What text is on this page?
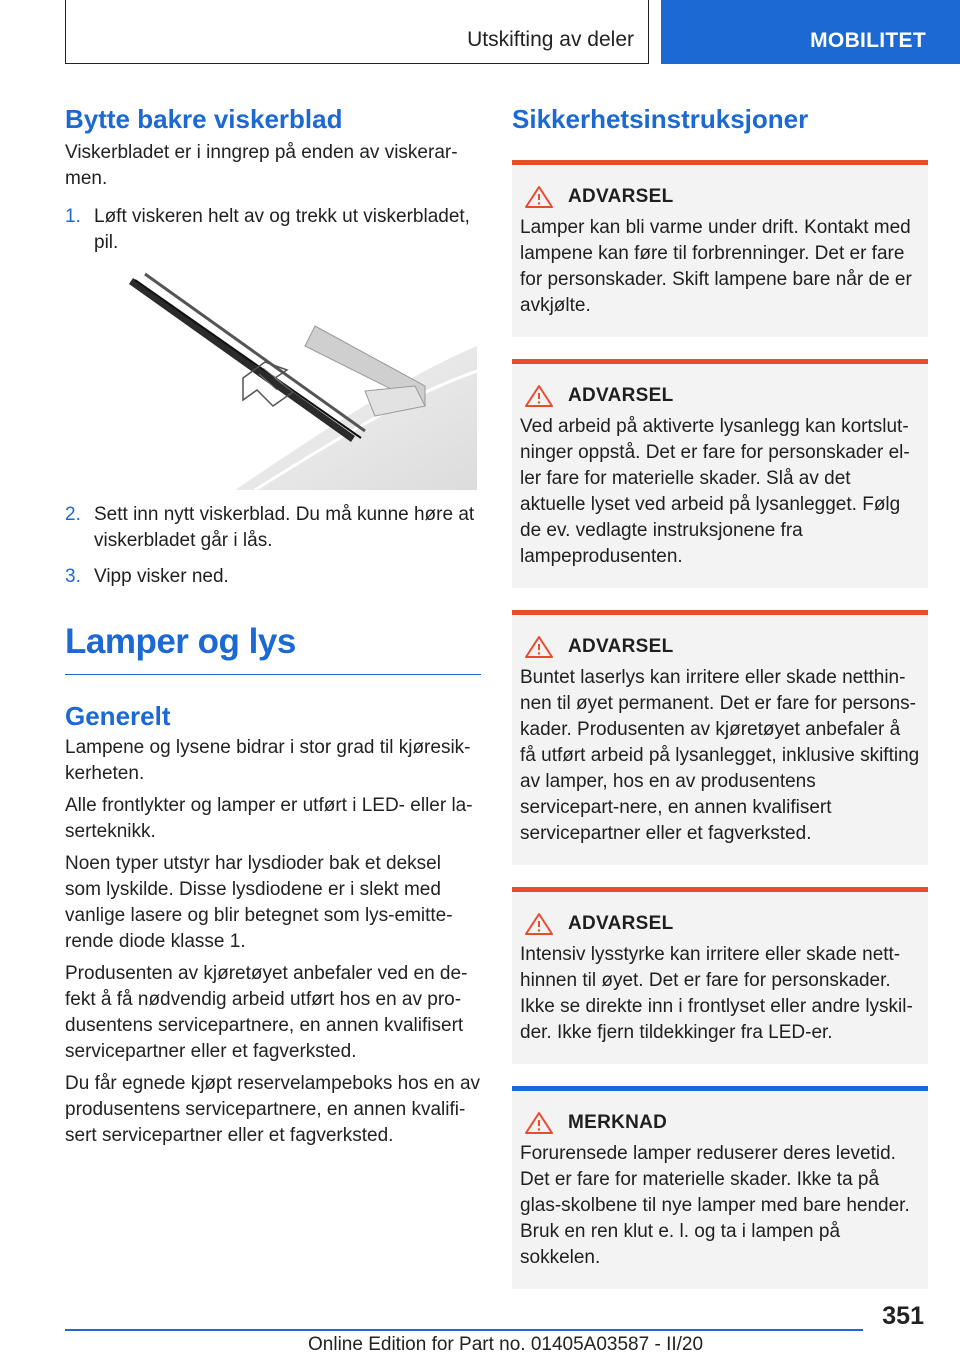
Utskifting av deler	MOBILITET
Bytte bakre viskerblad
Viskerbladet er i inngrep på enden av viskerar-men.
1. Løft viskeren helt av og trekk ut viskerbladet, pil.
2. Sett inn nytt viskerblad. Du må kunne høre at viskerbladet går i lås.
3. Vipp visker ned.
Lamper og lys
Generelt
Lampene og lysene bidrar i stor grad til kjøresik-kerheten.
Alle frontlykter og lamper er utført i LED- eller la-serteknikk.
Noen typer utstyr har lysdioder bak et deksel som lyskilde. Disse lysdiodene er i slekt med vanlige lasere og blir betegnet som lys-emitte-rende diode klasse 1.
Produsenten av kjøretøyet anbefaler ved en de-fekt å få nødvendig arbeid utført hos en av pro-dusentens servicepartnere, en annen kvalifisert servicepartner eller et fagverksted.
Du får egnede kjøpt reservelampeboks hos en av produsentens servicepartnere, en annen kvalifi-sert servicepartner eller et fagverksted.
Sikkerhetsinstruksjoner
ADVARSEL
Lamper kan bli varme under drift. Kontakt med lampene kan føre til forbrenninger. Det er fare for personskader. Skift lampene bare når de er avkjølte.
ADVARSEL
Ved arbeid på aktiverte lysanlegg kan kortslut-ninger oppstå. Det er fare for personskader el-ler fare for materielle skader. Slå av det aktuelle lyset ved arbeid på lysanlegget. Følg de ev. vedlagte instruksjonene fra lampeprodusenten.
ADVARSEL
Buntet laserlys kan irritere eller skade netthin-nen til øyet permanent. Det er fare for persons-kader. Produsenten av kjøretøyet anbefaler å få utført arbeid på lysanlegget, inklusive skifting av lamper, hos en av produsentens servicepart-nere, en annen kvalifisert servicepartner eller et fagverksted.
ADVARSEL
Intensiv lysstyrke kan irritere eller skade nett-hinnen til øyet. Det er fare for personskader. Ikke se direkte inn i frontlyset eller andre lyskil-der. Ikke fjern tildekkinger fra LED-er.
MERKNAD
Forurensede lamper reduserer deres levetid. Det er fare for materielle skader. Ikke ta på glas-skolbene til nye lamper med bare hender. Bruk en ren klut e. l. og ta i lampen på sokkelen.
351
Online Edition for Part no. 01405A03587 - II/20
